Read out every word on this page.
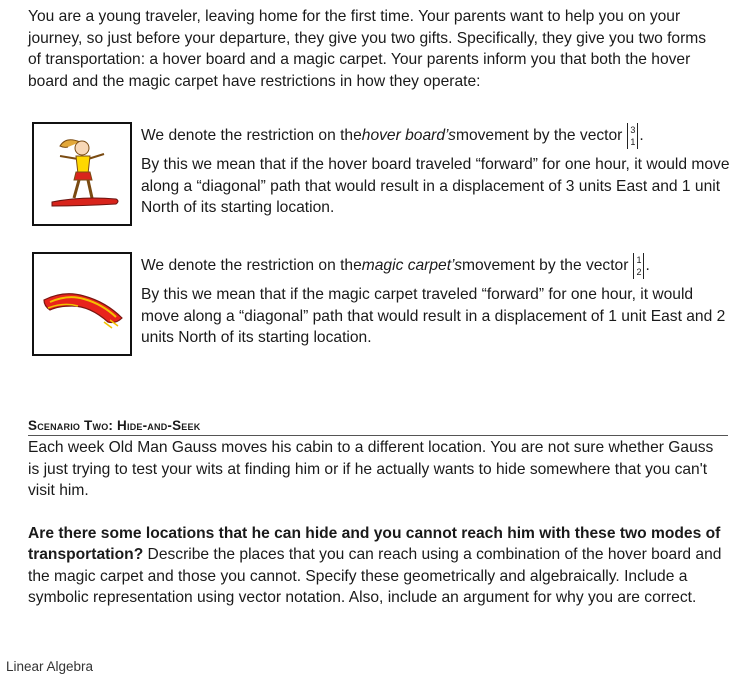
You are a young traveler, leaving home for the first time. Your parents want to help you on your journey, so just before your departure, they give you two gifts. Specifically, they give you two forms of transportation: a hover board and a magic carpet. Your parents inform you that both the hover board and the magic carpet have restrictions in how they operate:

We denote the restriction on the hover board’s movement by the vector 3
1 .

By this we mean that if the hover board traveled “forward” for one hour, it would move along a “diagonal” path that would result in a displacement of 3 units East and 1 unit North of its starting location.

We denote the restriction on the magic carpet’s movement by the vector 1
2 .

By this we mean that if the magic carpet traveled “forward” for one hour, it would move along a “diagonal” path that would result in a displacement of 1 unit East and 2 units North of its starting location.

Scenario Two: Hide-and-Seek

Each week Old Man Gauss moves his cabin to a different location. You are not sure whether Gauss is just trying to test your wits at finding him or if he actually wants to hide somewhere that you can't visit him.

Are there some locations that he can hide and you cannot reach him with these two modes of transportation? Describe the places that you can reach using a combination of the hover board and the magic carpet and those you cannot. Specify these geometrically and algebraically. Include a symbolic representation using vector notation. Also, include an argument for why you are correct.

Linear Algebra
